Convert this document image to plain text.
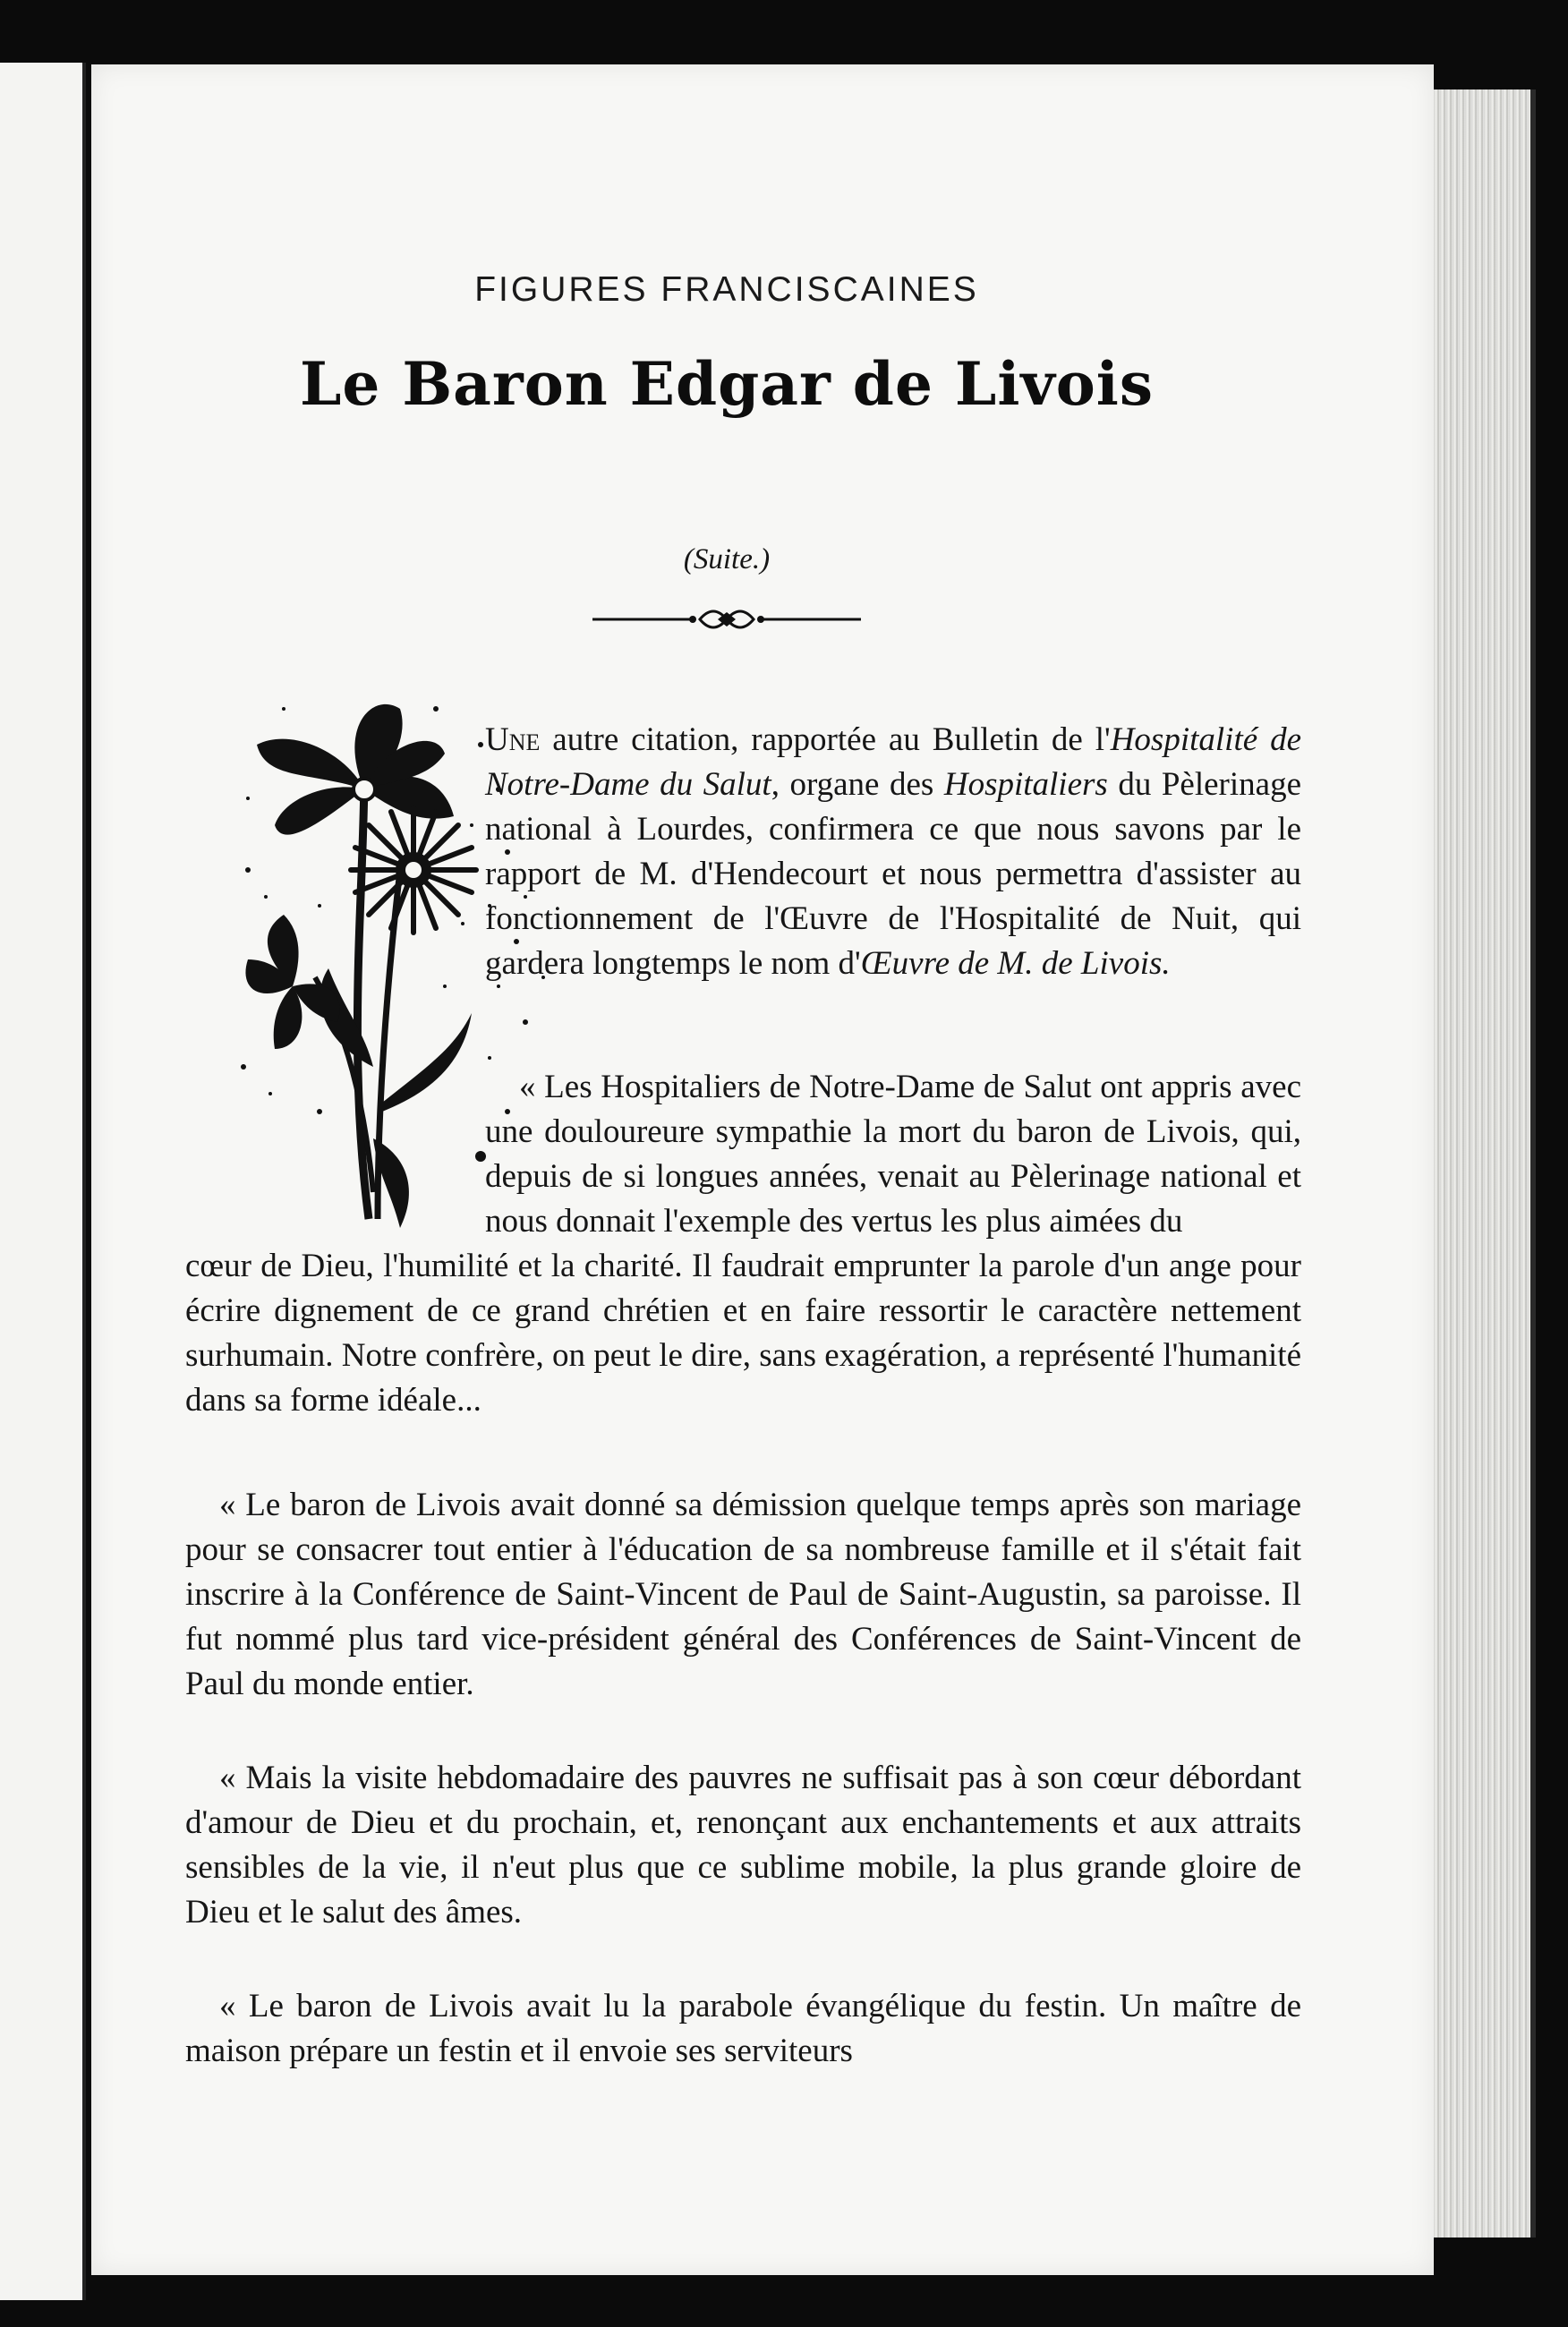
FIGURES FRANCISCAINES
Le Baron Edgar de Livois
(Suite.)

Une autre citation, rapportée au Bulletin de l'Hospitalité de Notre-Dame du Salut, organe des Hospitaliers du Pèlerinage national à Lourdes, confirmera ce que nous savons par le rapport de M. d'Hendecourt et nous permettra d'assister au fonctionnement de l'Œuvre de l'Hospitalité de Nuit, qui gardera longtemps le nom d'Œuvre de M. de Livois.

« Les Hospitaliers de Notre-Dame de Salut ont appris avec une douloureure sympathie la mort du baron de Livois, qui, depuis de si longues années, venait au Pèlerinage national et nous donnait l'exemple des vertus les plus aimées du

cœur de Dieu, l'humilité et la charité. Il faudrait emprunter la parole d'un ange pour écrire dignement de ce grand chrétien et en faire ressortir le caractère nettement surhumain. Notre confrère, on peut le dire, sans exagération, a représenté l'humanité dans sa forme idéale...

« Le baron de Livois avait donné sa démission quelque temps après son mariage pour se consacrer tout entier à l'éducation de sa nombreuse famille et il s'était fait inscrire à la Conférence de Saint-Vincent de Paul de Saint-Augustin, sa paroisse. Il fut nommé plus tard vice-président général des Conférences de Saint-Vincent de Paul du monde entier.

« Mais la visite hebdomadaire des pauvres ne suffisait pas à son cœur débordant d'amour de Dieu et du prochain, et, renonçant aux enchantements et aux attraits sensibles de la vie, il n'eut plus que ce sublime mobile, la plus grande gloire de Dieu et le salut des âmes.

« Le baron de Livois avait lu la parabole évangélique du festin. Un maître de maison prépare un festin et il envoie ses serviteurs
